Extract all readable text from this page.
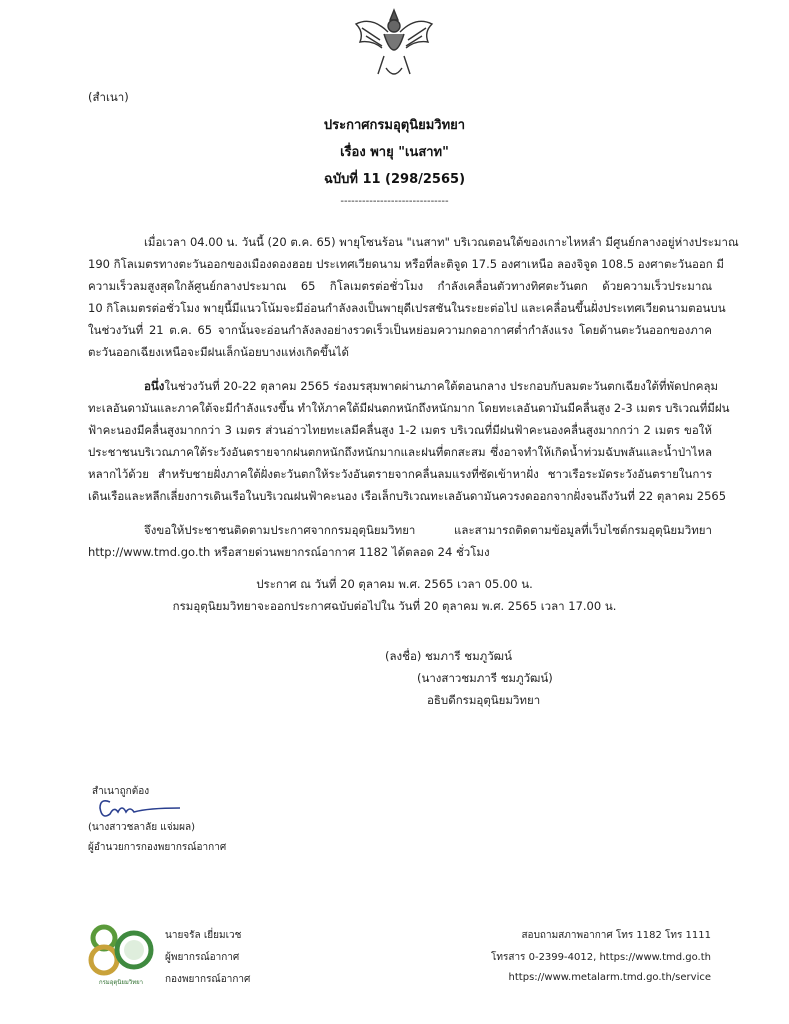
(สำเนา)
ประกาศกรมอุตุนิยมวิทยา
เรื่อง พายุ "เนสาท"
ฉบับที่ 11 (298/2565)
------------------------------
เมื่อเวลา 04.00 น. วันนี้ (20 ต.ค. 65) พายุโซนร้อน "เนสาท" บริเวณตอนใต้ของเกาะไหหลำ มีศูนย์กลางอยู่ห่างประมาณ
190 กิโลเมตรทางตะวันออกของเมืองดองฮอย ประเทศเวียดนาม หรือที่ละติจูด 17.5 องศาเหนือ ลองจิจูด 108.5 องศาตะวันออก มี
ความเร็วลมสูงสุดใกล้ศูนย์กลางประมาณ 65 กิโลเมตรต่อชั่วโมง กำลังเคลื่อนตัวทางทิศตะวันตก ด้วยความเร็วประมาณ
10 กิโลเมตรต่อชั่วโมง พายุนี้มีแนวโน้มจะมีอ่อนกำลังลงเป็นพายุดีเปรสชันในระยะต่อไป และเคลื่อนขึ้นฝั่งประเทศเวียดนามตอนบน
ในช่วงวันที่ 21 ต.ค. 65 จากนั้นจะอ่อนกำลังลงอย่างรวดเร็วเป็นหย่อมความกดอากาศต่ำกำลังแรง โดยด้านตะวันออกของภาค
ตะวันออกเฉียงเหนือจะมีฝนเล็กน้อยบางแห่งเกิดขึ้นได้
อนึ่ง ในช่วงวันที่ 20-22 ตุลาคม 2565 ร่องมรสุมพาดผ่านภาคใต้ตอนกลาง ประกอบกับลมตะวันตกเฉียงใต้ที่พัดปกคลุม
ทะเลอันดามันและภาคใต้จะมีกำลังแรงขึ้น ทำให้ภาคใต้มีฝนตกหนักถึงหนักมาก โดยทะเลอันดามันมีคลื่นสูง 2-3 เมตร บริเวณที่มีฝน
ฟ้าคะนองมีคลื่นสูงมากกว่า 3 เมตร ส่วนอ่าวไทยทะเลมีคลื่นสูง 1-2 เมตร บริเวณที่มีฝนฟ้าคะนองคลื่นสูงมากกว่า 2 เมตร ขอให้
ประชาชนบริเวณภาคใต้ระวังอันตรายจากฝนตกหนักถึงหนักมากและฝนที่ตกสะสม ซึ่งอาจทำให้เกิดน้ำท่วมฉับพลันและน้ำป่าไหล
หลากไว้ด้วย สำหรับชายฝั่งภาคใต้ฝั่งตะวันตกให้ระวังอันตรายจากคลื่นลมแรงที่ซัดเข้าหาฝั่ง ชาวเรือระมัดระวังอันตรายในการ
เดินเรือและหลีกเลี่ยงการเดินเรือในบริเวณฝนฟ้าคะนอง เรือเล็กบริเวณทะเลอันดามันควรงดออกจากฝั่งจนถึงวันที่ 22 ตุลาคม 2565
จึงขอให้ประชาชนติดตามประกาศจากกรมอุตุนิยมวิทยา และสามารถติดตามข้อมูลที่เว็บไซต์กรมอุตุนิยมวิทยา
http://www.tmd.go.th หรือสายด่วนพยากรณ์อากาศ 1182 ได้ตลอด 24 ชั่วโมง
ประกาศ ณ วันที่ 20 ตุลาคม พ.ศ. 2565 เวลา 05.00 น.
กรมอุตุนิยมวิทยาจะออกประกาศฉบับต่อไปใน วันที่ 20 ตุลาคม พ.ศ. 2565 เวลา 17.00 น.
(ลงชื่อ) ชมภารี ชมภูวัฒน์
(นางสาวชมภารี ชมภูวัฒน์)
อธิบดีกรมอุตุนิยมวิทยา
สำเนาถูกต้อง
(นางสาวชลาลัย แจ่มผล)
ผู้อำนวยการกองพยากรณ์อากาศ
กรมอุตุนิยมวิทยา
นายจรัล เยี่ยมเวช
ผู้พยากรณ์อากาศ
กองพยากรณ์อากาศ
สอบถามสภาพอากาศ โทร 1182 โทร 1111
โทรสาร 0-2399-4012, https://www.tmd.go.th
https://www.metalarm.tmd.go.th/service
